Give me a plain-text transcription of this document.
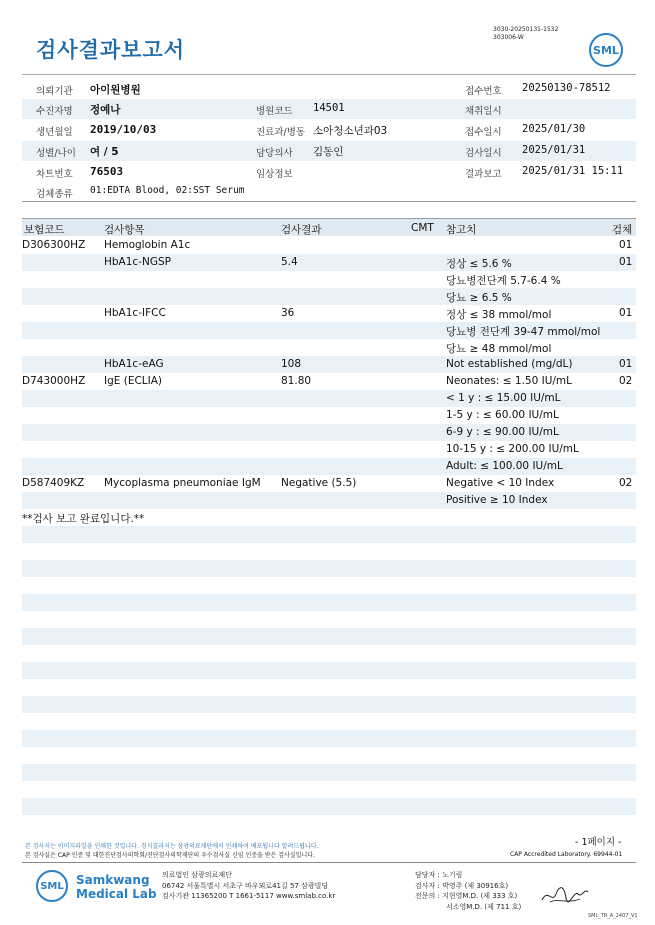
검사결과보고서
3030-20250131-1532
303006-W
SML
의뢰기관 아이원병원	접수번호 20250130-78512
수진자명 정예나	병원코드 14501	채취일시
생년월일 2019/10/03	진료과/병동 소아청소년과03	접수일시 2025/01/30
성별/나이 여 / 5	담당의사 김동인	검사일시 2025/01/31
차트번호 76503	임상정보	결과보고 2025/01/31 15:11
검체종류 01:EDTA Blood, 02:SST Serum
보험코드	검사항목	검사결과	CMT 참고치	검체
D306300HZ Hemoglobin A1c	01
HbA1c-NGSP	5.4	정상 ≤ 5.6 %	01
당뇨병전단계 5.7-6.4 %
당뇨 ≥ 6.5 %
HbA1c-IFCC	36	정상 ≤ 38 mmol/mol	01
당뇨병 전단계 39-47 mmol/mol
당뇨 ≥ 48 mmol/mol
HbA1c-eAG	108	Not established (mg/dL)	01
D743000HZ IgE (ECLIA)	81.80	Neonates: ≤ 1.50 IU/mL	02
< 1 y : ≤ 15.00 IU/mL
1-5 y : ≤ 60.00 IU/mL
6-9 y : ≤ 90.00 IU/mL
10-15 y : ≤ 200.00 IU/mL
Adult: ≤ 100.00 IU/mL
D587409KZ Mycoplasma pneumoniae IgM Negative (5.5)	Negative < 10 Index	02
Positive ≥ 10 Index
**검사 보고 완료입니다.**
본 검사지는 이미지파일을 인쇄한 것입니다. 정식결과지는 삼광의료재단에서 인쇄하여 배포됩니다 알려드립니다.
본 검사실은 CAP 인증 및 대한진단검사의학회/진단검사의학재단의 우수검사실 신임 인증을 받은 검사실입니다.
- 1페이지 -
CAP Accredited Laboratory. 69944-01
SML	Samkwang
Medical Lab
의료법인 삼광의료재단
06742 서울특별시 서초구 바우뫼로41길 57 삼광빌딩
검사기관 11365200 T 1661-5117 www.smlab.co.kr
담당자 : 노기림
검사자 : 박영주 (제 30916호)
전문의 : 지현영M.D. (제 333 호)
서소영M.D. (제 711 호)
SML_TR_A_2407_V1
